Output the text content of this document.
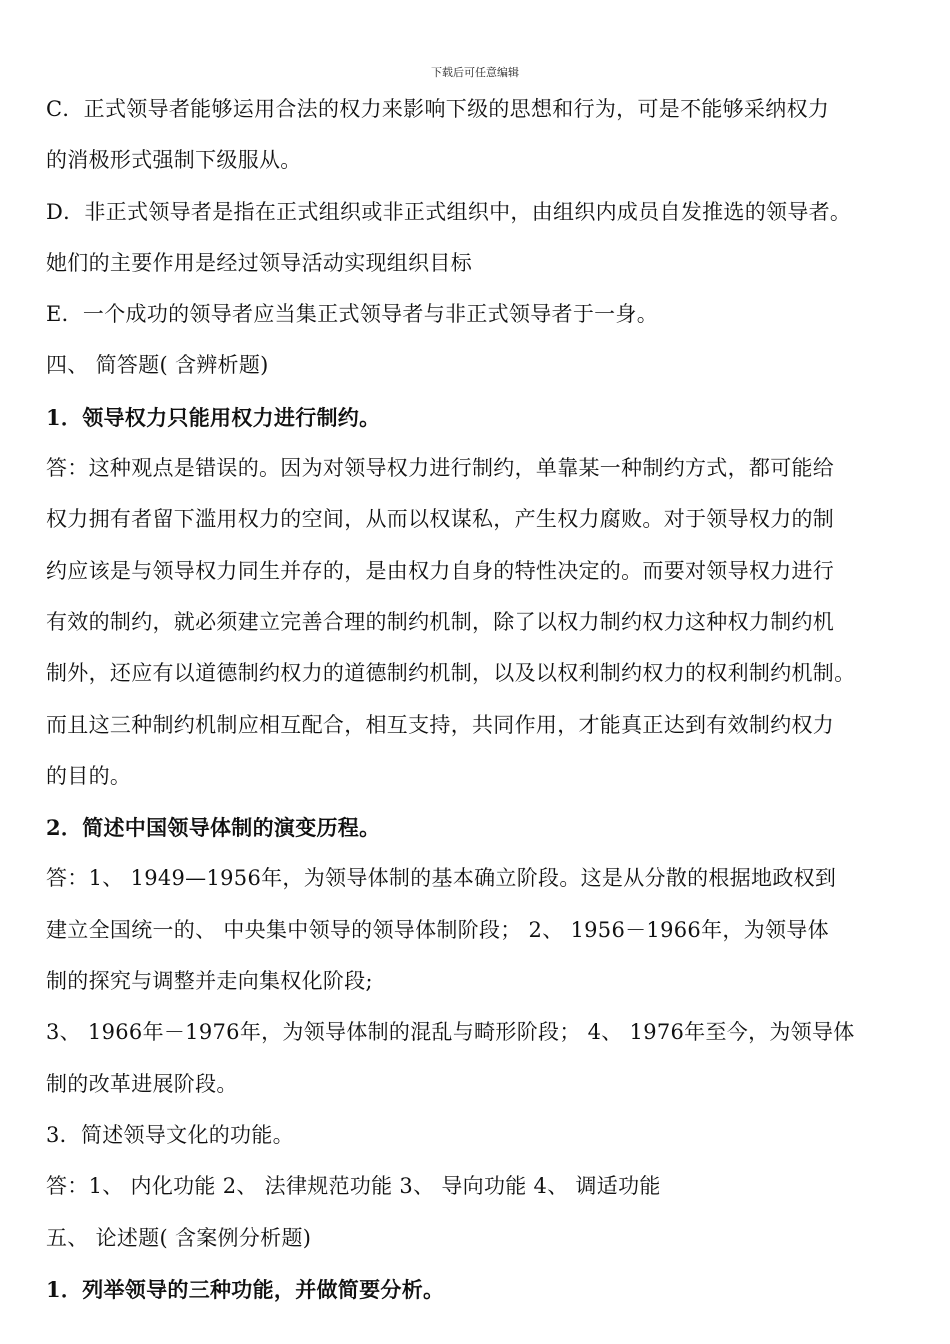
下载后可任意编辑
C．正式领导者能够运用合法的权力来影响下级的思想和行为，可是不能够采纳权力
的消极形式强制下级服从。
D．非正式领导者是指在正式组织或非正式组织中，由组织内成员自发推选的领导者。
她们的主要作用是经过领导活动实现组织目标
E．一个成功的领导者应当集正式领导者与非正式领导者于一身。
四、 简答题( 含辨析题)
1．领导权力只能用权力进行制约。
答：这种观点是错误的。因为对领导权力进行制约，单靠某一种制约方式，都可能给
权力拥有者留下滥用权力的空间，从而以权谋私，产生权力腐败。对于领导权力的制
约应该是与领导权力同生并存的，是由权力自身的特性决定的。而要对领导权力进行
有效的制约，就必须建立完善合理的制约机制，除了以权力制约权力这种权力制约机
制外，还应有以道德制约权力的道德制约机制，以及以权利制约权力的权利制约机制。
而且这三种制约机制应相互配合，相互支持，共同作用，才能真正达到有效制约权力
的目的。
2．简述中国领导体制的演变历程。
答：1、 1949—1956年，为领导体制的基本确立阶段。这是从分散的根据地政权到
建立全国统一的、 中央集中领导的领导体制阶段； 2、 1956－1966年，为领导体
制的探究与调整并走向集权化阶段;
3、 1966年－1976年，为领导体制的混乱与畸形阶段； 4、 1976年至今，为领导体
制的改革进展阶段。
3．简述领导文化的功能。
答：1、 内化功能 2、 法律规范功能 3、 导向功能 4、 调适功能
五、 论述题( 含案例分析题)
1．列举领导的三种功能，并做简要分析。
